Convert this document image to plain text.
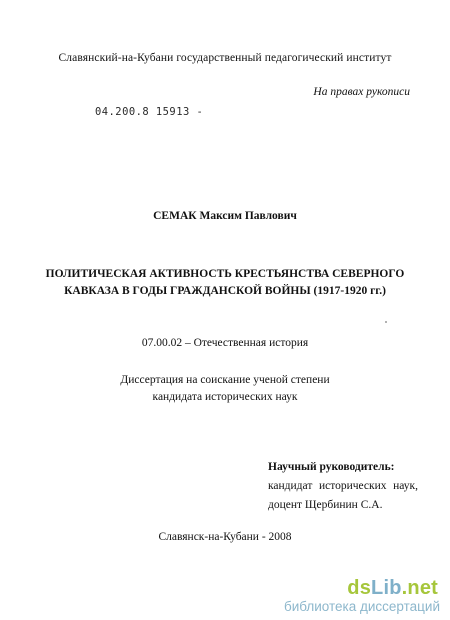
Славянский-на-Кубани государственный педагогический институт

На правах рукописи

04.200.8 15913 -

СЕМАК Максим Павлович

ПОЛИТИЧЕСКАЯ АКТИВНОСТЬ КРЕСТЬЯНСТВА СЕВЕРНОГО
КАВКАЗА В ГОДЫ ГРАЖДАНСКОЙ ВОЙНЫ (1917-1920 гг.)

07.00.02 – Отечественная история

Диссертация на соискание ученой степени
кандидата исторических наук

Научный руководитель:

кандидат исторических наук,

доцент Щербинин С.А.

Славянск-на-Кубани - 2008

dsLib.net
библиотека диссертаций
